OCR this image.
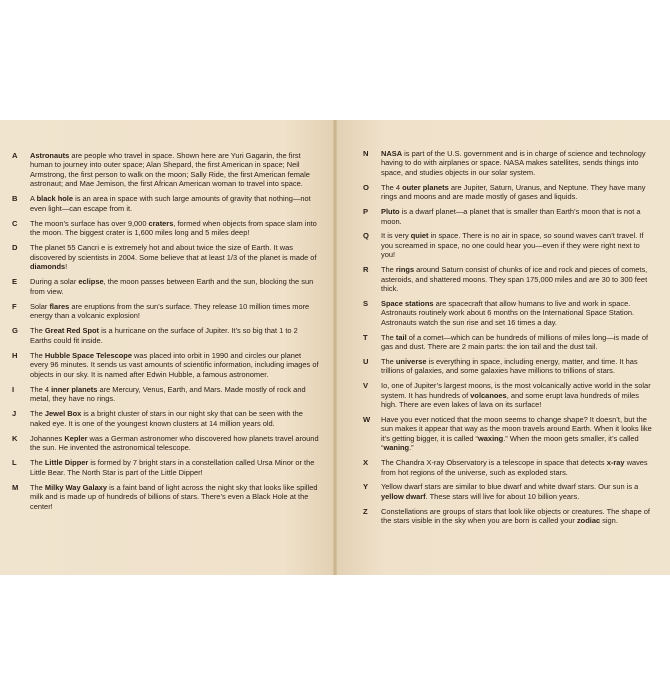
A	Astronauts are people who travel in space. Shown here are Yuri Gagarin, the first human to journey into outer space; Alan Shepard, the first American in space; Neil Armstrong, the first person to walk on the moon; Sally Ride, the first American female astronaut; and Mae Jemison, the first African American woman to travel into space.
B	A black hole is an area in space with such large amounts of gravity that nothing—not even light—can escape from it.
C	The moon’s surface has over 9,000 craters, formed when objects from space slam into the moon. The biggest crater is 1,600 miles long and 5 miles deep!
D	The planet 55 Cancri e is extremely hot and about twice the size of Earth. It was discovered by scientists in 2004. Some believe that at least 1/3 of the planet is made of diamonds!
E	During a solar eclipse, the moon passes between Earth and the sun, blocking the sun from view.
F	Solar flares are eruptions from the sun’s surface. They release 10 million times more energy than a volcanic explosion!
G	The Great Red Spot is a hurricane on the surface of Jupiter. It’s so big that 1 to 2 Earths could fit inside.
H	The Hubble Space Telescope was placed into orbit in 1990 and circles our planet every 96 minutes. It sends us vast amounts of scientific information, including images of objects in our sky. It is named after Edwin Hubble, a famous astronomer.
I	The 4 inner planets are Mercury, Venus, Earth, and Mars. Made mostly of rock and metal, they have no rings.
J	The Jewel Box is a bright cluster of stars in our night sky that can be seen with the naked eye. It is one of the youngest known clusters at 14 million years old.
K	Johannes Kepler was a German astronomer who discovered how planets travel around the sun. He invented the astronomical telescope.
L	The Little Dipper is formed by 7 bright stars in a constellation called Ursa Minor or the Little Bear. The North Star is part of the Little Dipper!
M	The Milky Way Galaxy is a faint band of light across the night sky that looks like spilled milk and is made up of hundreds of billions of stars. There’s even a Black Hole at the center!
N	NASA is part of the U.S. government and is in charge of science and technology having to do with airplanes or space. NASA makes satellites, sends things into space, and studies objects in our solar system.
O	The 4 outer planets are Jupiter, Saturn, Uranus, and Neptune. They have many rings and moons and are made mostly of gases and liquids.
P	Pluto is a dwarf planet—a planet that is smaller than Earth’s moon that is not a moon.
Q	It is very quiet in space. There is no air in space, so sound waves can’t travel. If you screamed in space, no one could hear you—even if they were right next to you!
R	The rings around Saturn consist of chunks of ice and rock and pieces of comets, asteroids, and shattered moons. They span 175,000 miles and are 30 to 300 feet thick.
S	Space stations are spacecraft that allow humans to live and work in space. Astronauts routinely work about 6 months on the International Space Station. Astronauts watch the sun rise and set 16 times a day.
T	The tail of a comet—which can be hundreds of millions of miles long—is made of gas and dust. There are 2 main parts: the ion tail and the dust tail.
U	The universe is everything in space, including energy, matter, and time. It has trillions of galaxies, and some galaxies have millions to trillions of stars.
V	Io, one of Jupiter’s largest moons, is the most volcanically active world in the solar system. It has hundreds of volcanoes, and some erupt lava hundreds of miles high. There are even lakes of lava on its surface!
W	Have you ever noticed that the moon seems to change shape? It doesn’t, but the sun makes it appear that way as the moon travels around Earth. When it looks like it’s getting bigger, it is called “waxing.” When the moon gets smaller, it’s called “waning.”
X	The Chandra X-ray Observatory is a telescope in space that detects x-ray waves from hot regions of the universe, such as exploded stars.
Y	Yellow dwarf stars are similar to blue dwarf and white dwarf stars. Our sun is a yellow dwarf. These stars will live for about 10 billion years.
Z	Constellations are groups of stars that look like objects or creatures. The shape of the stars visible in the sky when you are born is called your zodiac sign.
